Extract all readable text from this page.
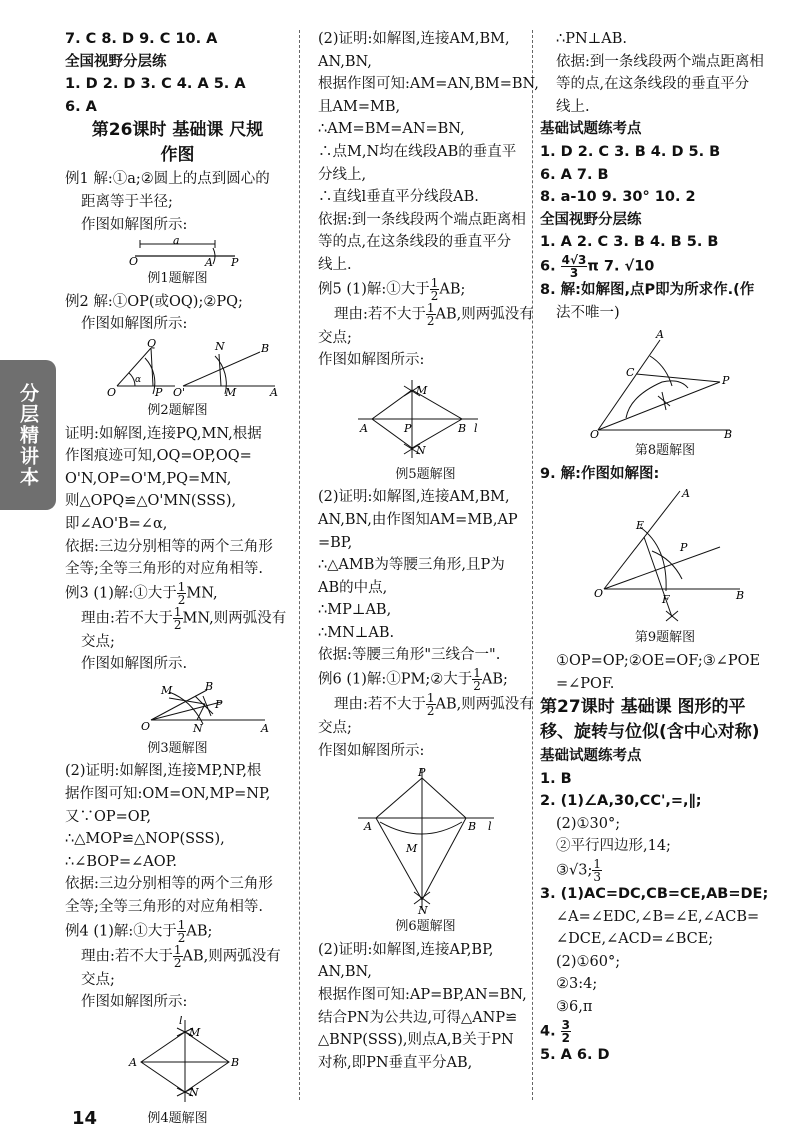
分层精讲本
7. C 8. D 9. C 10. A
全国视野分层练
1. D 2. D 3. C 4. A 5. A
6. A
第26课时 基础课 尺规
作图
例1 解:①a;②圆上的点到圆心的
距离等于半径;
作图如解图所示:
a
O	A P
例1题解图
例2 解:①OP(或OQ);②PQ;
作图如解图所示:
Q
O	P
α
N	B
O'	M	A
例2题解图
证明:如解图,连接PQ,MN,根据
作图痕迹可知,OQ=OP,OQ=
O'N,OP=O'M,PQ=MN,
则△OPQ≌△O'MN(SSS),
即∠AO'B=∠α,
依据:三边分别相等的两个三角形
全等;全等三角形的对应角相等.
例3 (1)解:①大于 $\frac{1}{2}$ MN,
理由:若不大于 $\frac{1}{2}$ MN,则两弧没有
交点;
作图如解图所示.
M	B
P
O	N	A
例3题解图
(2)证明:如解图,连接MP,NP,根
据作图可知:OM=ON,MP=NP,
又∵OP=OP,
∴△MOP≌△NOP(SSS),
∴∠BOP=∠AOP.
依据:三边分别相等的两个三角形
全等;全等三角形的对应角相等.
例4 (1)解:①大于 $\frac{1}{2}$ AB;
理由:若不大于 $\frac{1}{2}$ AB,则两弧没有
交点;
作图如解图所示:
l
M
A	B
N
例4题解图
(2)证明:如解图,连接AM,BM,
AN,BN,
根据作图可知:AM=AN,BM=BN,
且AM=MB,
∴AM=BM=AN=BN,
∴点M,N均在线段AB的垂直平
分线上,
∴直线l垂直平分线段AB.
依据:到一条线段两个端点距离相
等的点,在这条线段的垂直平分
线上.
例5 (1)解:①大于 $\frac{1}{2}$ AB;
理由:若不大于 $\frac{1}{2}$ AB,则两弧没有
交点;
作图如解图所示:
M
A	P	B l
N
例5题解图
(2)证明:如解图,连接AM,BM,
AN,BN,由作图知AM=MB,AP
=BP,
∴△AMB为等腰三角形,且P为
AB的中点,
∴MP⊥AB,
∴MN⊥AB.
依据:等腰三角形"三线合一".
例6 (1)解:①PM;②大于 $\frac{1}{2}$ AB;
理由:若不大于 $\frac{1}{2}$ AB,则两弧没有
交点;
作图如解图所示:
P
A	B l
M
N
例6题解图
(2)证明:如解图,连接AP,BP,
AN,BN,
根据作图可知:AP=BP,AN=BN,
结合PN为公共边,可得△ANP≌
△BNP(SSS),则点A,B关于PN
对称,即PN垂直平分AB,
∴PN⊥AB.
依据:到一条线段两个端点距离相
等的点,在这条线段的垂直平分
线上.
基础试题练考点
1. D 2. C 3. B 4. D 5. B
6. A 7. B
8. a-10 9. 30° 10. 2
全国视野分层练
1. A 2. C 3. B 4. B 5. B
6. $\frac{4√3}{3}$ π 7. √10
8. 解:如解图,点P即为所求作.(作
法不唯一)
A
C
P
O	B
第8题解图
9. 解:作图如解图:
A
E
P
O	F	B
第9题解图
①OP=OP;②OE=OF;③∠POE
=∠POF.
第27课时 基础课 图形的平
移、旋转与位似(含中心对称)
基础试题练考点
1. B
2. (1)∠A,30,CC',=,∥;
(2)①30°;
②平行四边形,14;
③√3; $\frac{1}{3}$
3. (1)AC=DC,CB=CE,AB=DE;
∠A=∠EDC,∠B=∠E,∠ACB=
∠DCE,∠ACD=∠BCE;
(2)①60°;
②3:4;
③6,π
4. $\frac{3}{2}$
5. A 6. D
14
